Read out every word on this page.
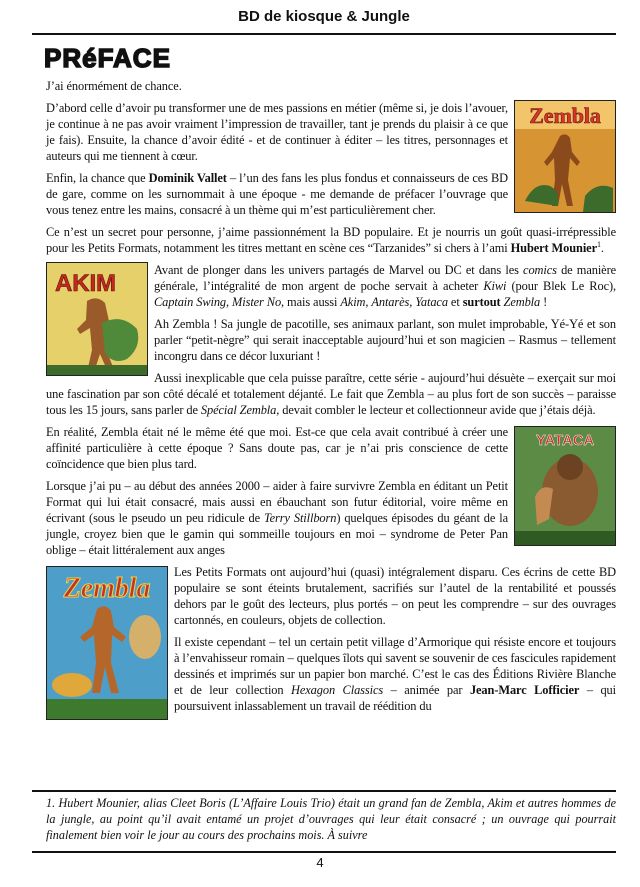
BD de kiosque & Jungle
PRéFACE

J’ai énormément de chance.

Zembla

D’abord celle d’avoir pu transformer une de mes passions en métier (même si, je dois l’avouer, je continue à ne pas avoir vraiment l’impression de travailler, tant je prends du plaisir à ce que je fais). Ensuite, la chance d’avoir édité - et de continuer à éditer – les titres, personnages et auteurs qui me tiennent à cœur.

Enfin, la chance que Dominik Vallet – l’un des fans les plus fondus et connaisseurs de ces BD de gare, comme on les surnommait à une époque - me demande de préfacer l’ouvrage que vous tenez entre les mains, consacré à un thème qui m’est particulièrement cher.

Ce n’est un secret pour personne, j’aime passionnément la BD populaire. Et je nourris un goût quasi-irrépressible pour les Petits Formats, notamment les titres mettant en scène ces “Tarzanides” si chers à l’ami Hubert Mounier$^1$.

AKIM	Avant de plonger dans les univers partagés de Marvel ou DC et dans les comics de manière générale, l’intégralité de mon argent de poche servait à acheter Kiwi (pour Blek Le Roc), Captain Swing, Mister No, mais aussi Akim, Antarès, Yataca et surtout Zembla !

Ah Zembla ! Sa jungle de pacotille, ses animaux parlant, son mulet improbable, Yé-Yé et son parler “petit-nègre” qui serait inacceptable aujourd’hui et son magicien – Rasmus – tellement incongru dans ce décor luxuriant !

Aussi inexplicable que cela puisse paraître, cette série - aujourd’hui désuète – exerçait sur moi une fascination par son côté décalé et totalement déjanté. Le fait que Zembla – au plus fort de son succès – paraisse tous les 15 jours, sans parler de Spécial Zembla, devait combler le lecteur et collectionneur avide que j’étais déjà.

YATACA

En réalité, Zembla était né le même été que moi. Est-ce que cela avait contribué à créer une affinité particulière à cette époque ? Sans doute pas, car je n’ai pris conscience de cette coïncidence que bien plus tard.

Lorsque j’ai pu – au début des années 2000 – aider à faire survivre Zembla en éditant un Petit Format qui lui était consacré, mais aussi en ébauchant son futur éditorial, voire même en écrivant (sous le pseudo un peu ridicule de Terry Stillborn) quelques épisodes du géant de la jungle, croyez bien que le gamin qui sommeille toujours en moi – syndrome de Peter Pan oblige – était littéralement aux anges

Zembla

Les Petits Formats ont aujourd’hui (quasi) intégralement disparu. Ces écrins de cette BD populaire se sont éteints brutalement, sacrifiés sur l’autel de la rentabilité et poussés dehors par le goût des lecteurs, plus portés – on peut les comprendre – sur des ouvrages cartonnés, en couleurs, objets de collection.

Il existe cependant – tel un certain petit village d’Armorique qui résiste encore et toujours à l’envahisseur romain – quelques îlots qui savent se souvenir de ces fascicules rapidement dessinés et imprimés sur un papier bon marché. C’est le cas des Éditions Rivière Blanche et de leur collection Hexagon Classics – animée par Jean-Marc Lofficier – qui poursuivent inlassablement un travail de réédition du

1. Hubert Mounier, alias Cleet Boris (L’Affaire Louis Trio) était un grand fan de Zembla, Akim et autres hommes de la jungle, au point qu’il avait entamé un projet d’ouvrages qui leur était consacré ; un ouvrage qui pourrait finalement bien voir le jour au cours des prochains mois. À suivre
4
